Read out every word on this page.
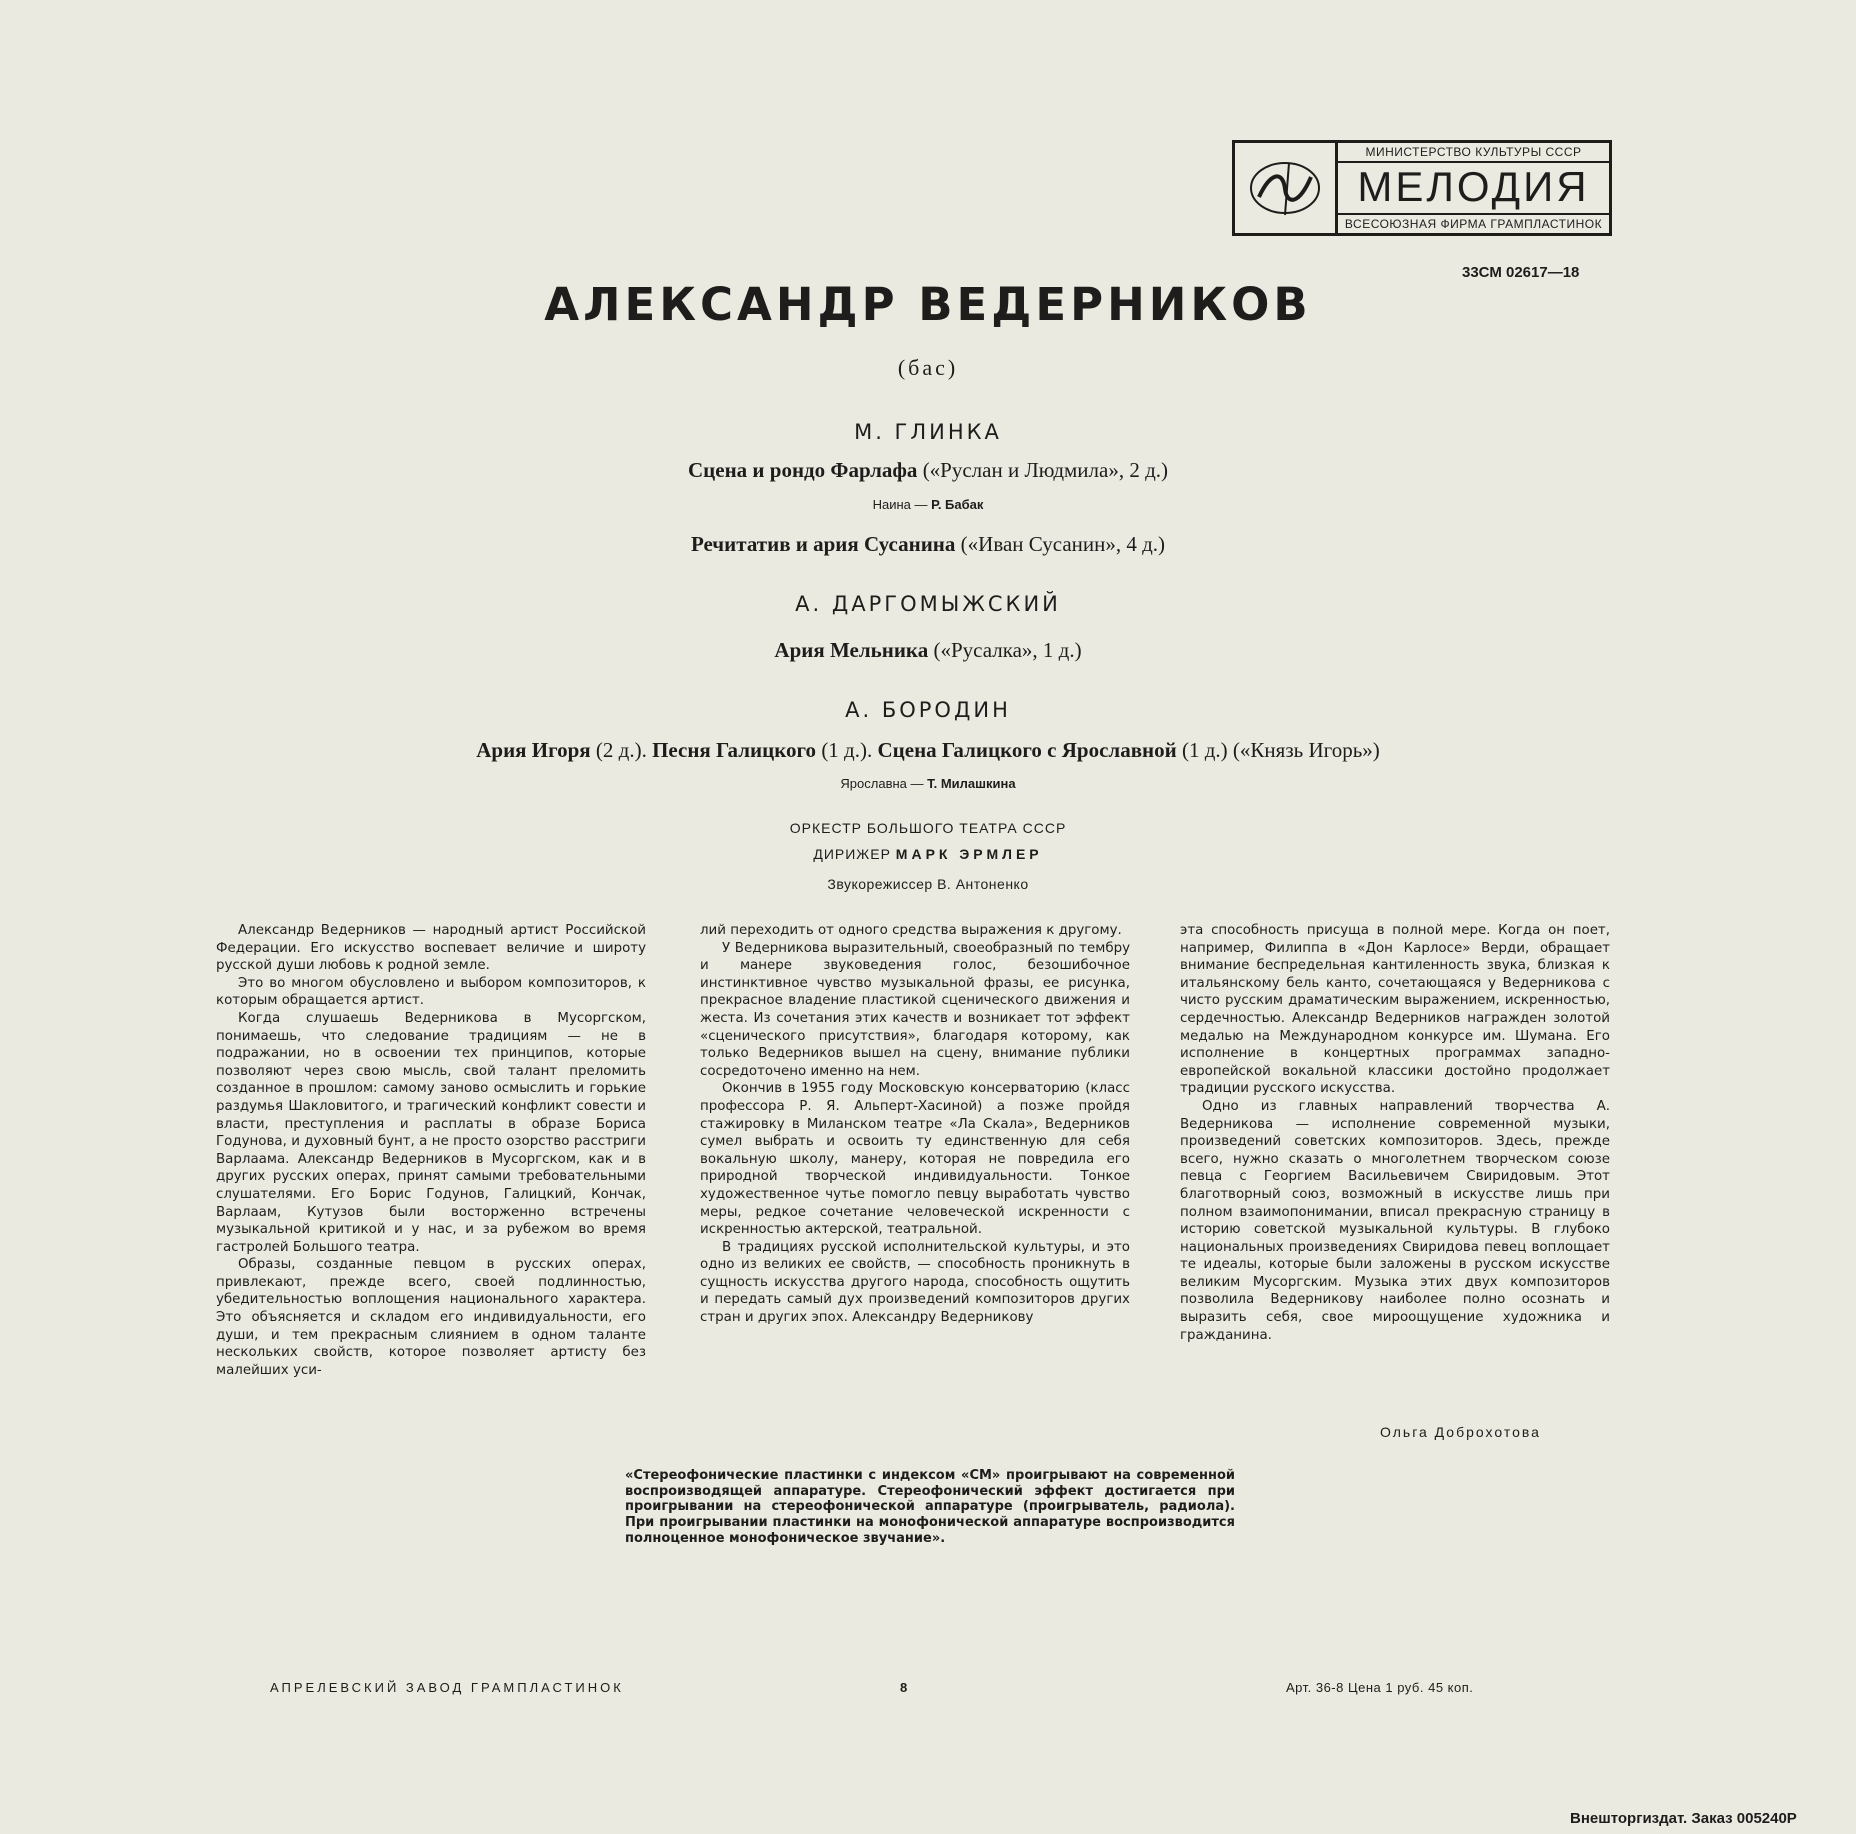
МИНИСТЕРСТВО КУЛЬТУРЫ СССР
МЕЛОДИЯ
ВСЕСОЮЗНАЯ ФИРМА ГРАМПЛАСТИНОК
33СМ 02617—18
АЛЕКСАНДР ВЕДЕРНИКОВ
(бас)
М. ГЛИНКА
Сцена и рондо Фарлафа («Руслан и Людмила», 2 д.)
Наина — Р. Бабак
Речитатив и ария Сусанина («Иван Сусанин», 4 д.)
А. ДАРГОМЫЖСКИЙ
Ария Мельника («Русалка», 1 д.)
А. БОРОДИН
Ария Игоря (2 д.). Песня Галицкого (1 д.). Сцена Галицкого с Ярославной (1 д.) («Князь Игорь»)
Ярославна — Т. Милашкина
ОРКЕСТР БОЛЬШОГО ТЕАТРА СССР
ДИРИЖЕР МАРК ЭРМЛЕР
Звукорежиссер В. Антоненко

Александр Ведерников — народный артист Российской Федерации. Его искусство воспевает величие и широту русской души любовь к родной земле.

Это во многом обусловлено и выбором композиторов, к которым обращается артист.

Когда слушаешь Ведерникова в Мусоргском, понимаешь, что следование традициям — не в подражании, но в освоении тех принципов, которые позволяют через свою мысль, свой талант преломить созданное в прошлом: самому заново осмыслить и горькие раздумья Шакловитого, и трагический конфликт совести и власти, преступления и расплаты в образе Бориса Годунова, и духовный бунт, а не просто озорство расстриги Варлаама. Александр Ведерников в Мусоргском, как и в других русских операх, принят самыми требовательными слушателями. Его Борис Годунов, Галицкий, Кончак, Варлаам, Кутузов были восторженно встречены музыкальной критикой и у нас, и за рубежом во время гастролей Большого театра.

Образы, созданные певцом в русских операх, привлекают, прежде всего, своей подлинностью, убедительностью воплощения национального характера. Это объясняется и складом его индивидуальности, его души, и тем прекрасным слиянием в одном таланте нескольких свойств, которое позволяет артисту без малейших уси-

лий переходить от одного средства выражения к другому.

У Ведерникова выразительный, своеобразный по тембру и манере звуковедения голос, безошибочное инстинктивное чувство музыкальной фразы, ее рисунка, прекрасное владение пластикой сценического движения и жеста. Из сочетания этих качеств и возникает тот эффект «сценического присутствия», благодаря которому, как только Ведерников вышел на сцену, внимание публики сосредоточено именно на нем.

Окончив в 1955 году Московскую консерваторию (класс профессора Р. Я. Альперт-Хасиной) а позже пройдя стажировку в Миланском театре «Ла Скала», Ведерников сумел выбрать и освоить ту единственную для себя вокальную школу, манеру, которая не повредила его природной творческой индивидуальности. Тонкое художественное чутье помогло певцу выработать чувство меры, редкое сочетание человеческой искренности с искренностью актерской, театральной.

В традициях русской исполнительской культуры, и это одно из великих ее свойств, — способность проникнуть в сущность искусства другого народа, способность ощутить и передать самый дух произведений композиторов других стран и других эпох. Александру Ведерникову

эта способность присуща в полной мере. Когда он поет, например, Филиппа в «Дон Карлосе» Верди, обращает внимание беспредельная кантиленность звука, близкая к итальянскому бель канто, сочетающаяся у Ведерникова с чисто русским драматическим выражением, искренностью, сердечностью. Александр Ведерников награжден золотой медалью на Международном конкурсе им. Шумана. Его исполнение в концертных программах западно-европейской вокальной классики достойно продолжает традиции русского искусства.

Одно из главных направлений творчества А. Ведерникова — исполнение современной музыки, произведений советских композиторов. Здесь, прежде всего, нужно сказать о многолетнем творческом союзе певца с Георгием Васильевичем Свиридовым. Этот благотворный союз, возможный в искусстве лишь при полном взаимопонимании, вписал прекрасную страницу в историю советской музыкальной культуры. В глубоко национальных произведениях Свиридова певец воплощает те идеалы, которые были заложены в русском искусстве великим Мусоргским. Музыка этих двух композиторов позволила Ведерникову наиболее полно осознать и выразить себя, свое мироощущение художника и гражданина.

Ольга Доброхотова
«Стереофонические пластинки с индексом «СМ» проигрывают на современной воспроизводящей аппаратуре. Стереофонический эффект достигается при проигрывании на стереофонической аппаратуре (проигрыватель, радиола). При проигрывании пластинки на монофонической аппаратуре воспроизводится полноценное монофоническое звучание».
АПРЕЛЕВСКИЙ ЗАВОД ГРАМПЛАСТИНОК	8	Арт. 36-8 Цена 1 руб. 45 коп.
Внешторгиздат. Заказ 005240Р
